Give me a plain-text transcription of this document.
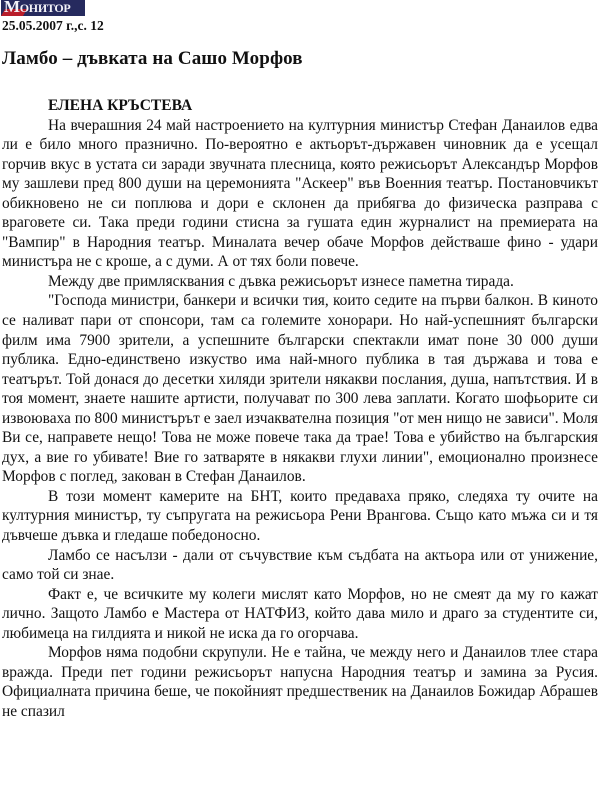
Монитор
25.05.2007 г.,с. 12
Ламбо – дъвката на Сашо Морфов
ЕЛЕНА КРЪСТЕВА

На вчерашния 24 май настроението на културния министър Стефан Данаилов едва ли е било много празнично. По-вероятно е актьорът-държавен чиновник да е усещал горчив вкус в устата си заради звучната плесница, която режисьорът Александър Морфов му зашлеви пред 800 души на церемонията "Аскеер" във Военния театър. Постановчикът обикновено не си поплюва и дори е склонен да прибягва до физическа разправа с враговете си. Така преди години стисна за гушата един журналист на премиерата на "Вампир" в Народния театър. Миналата вечер обаче Морфов действаше фино - удари министъра не с кроше, а с думи. А от тях боли повече.

Между две примлясквания с дъвка режисьорът изнесе паметна тирада.

"Господа министри, банкери и всички тия, които седите на първи балкон. В киното се наливат пари от спонсори, там са големите хонорари. Но най-успешният български филм има 7900 зрители, а успешните български спектакли имат поне 30 000 души публика. Едно-единствено изкуство има най-много публика в тая държава и това е театърът. Той донася до десетки хиляди зрители някакви послания, душа, напътствия. И в тоя момент, знаете нашите артисти, получават по 300 лева заплати. Когато шофьорите си извоюваха по 800 министърът е заел изчаквателна позиция "от мен нищо не зависи". Моля Ви се, направете нещо! Това не може повече така да трае! Това е убийство на българския дух, а вие го убивате! Вие го затваряте в някакви глухи линии", емоционално произнесе Морфов с поглед, закован в Стефан Данаилов.

В този момент камерите на БНТ, които предаваха пряко, следяха ту очите на културния министър, ту съпругата на режисьора Рени Врангова. Също като мъжа си и тя дъвчеше дъвка и гледаше победоносно.

Ламбо се насълзи - дали от съчувствие към съдбата на актьора или от унижение, само той си знае.

Факт е, че всичките му колеги мислят като Морфов, но не смеят да му го кажат лично. Защото Ламбо е Мастера от НАТФИЗ, който дава мило и драго за студентите си, любимеца на гилдията и никой не иска да го огорчава.

Морфов няма подобни скрупули. Не е тайна, че между него и Данаилов тлее стара вражда. Преди пет години режисьорът напусна Народния театър и замина за Русия. Официалната причина беше, че покойният предшественик на Данаилов Божидар Абрашев не спазил
